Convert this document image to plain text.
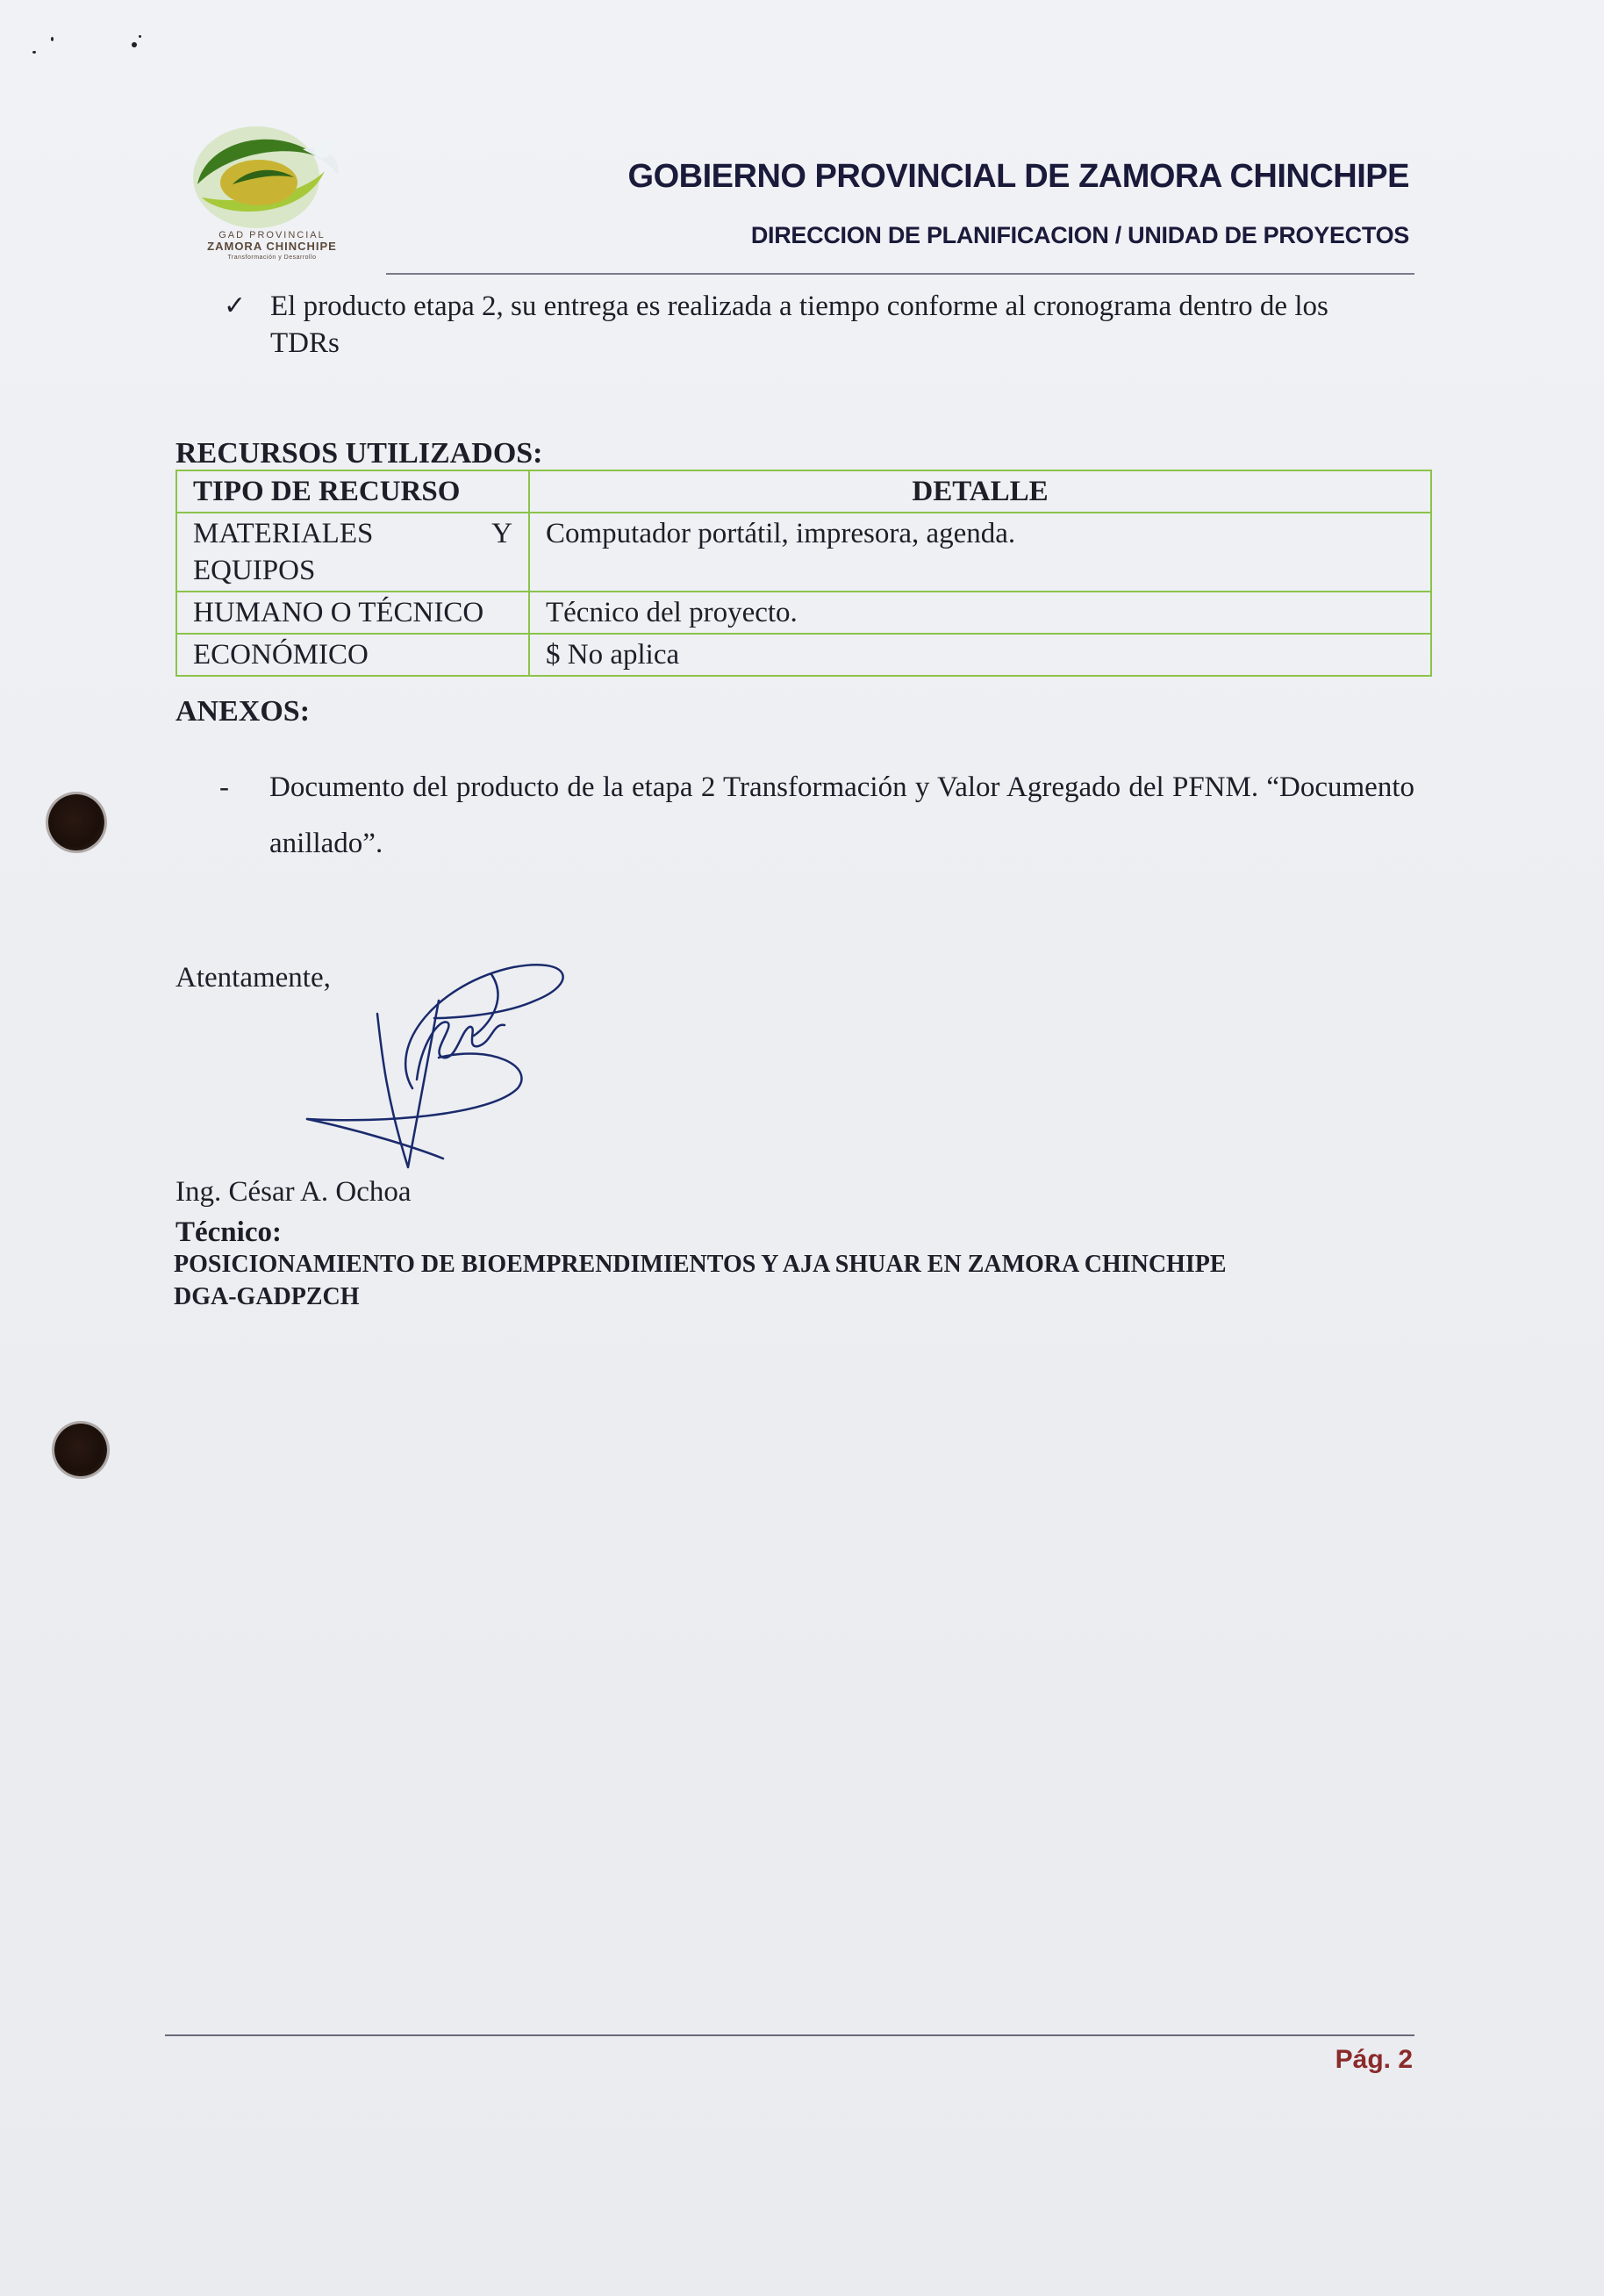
GAD PROVINCIAL
ZAMORA CHINCHIPE
Transformación y Desarrollo
GOBIERNO PROVINCIAL DE ZAMORA CHINCHIPE
DIRECCION DE PLANIFICACION / UNIDAD DE PROYECTOS
✓ El producto etapa 2, su entrega es realizada a tiempo conforme al cronograma dentro de los TDRs
RECURSOS UTILIZADOS:
TIPO DE RECURSO	DETALLE
MATERIALES Y EQUIPOS	Computador portátil, impresora, agenda.
HUMANO O TÉCNICO	Técnico del proyecto.
ECONÓMICO	$ No aplica
ANEXOS:
- Documento del producto de la etapa 2 Transformación y Valor Agregado del PFNM. “Documento anillado”.
Atentamente,
Ing. César A. Ochoa
Técnico:
POSICIONAMIENTO DE BIOEMPRENDIMIENTOS Y AJA SHUAR EN ZAMORA CHINCHIPE
DGA-GADPZCH
Pág. 2
